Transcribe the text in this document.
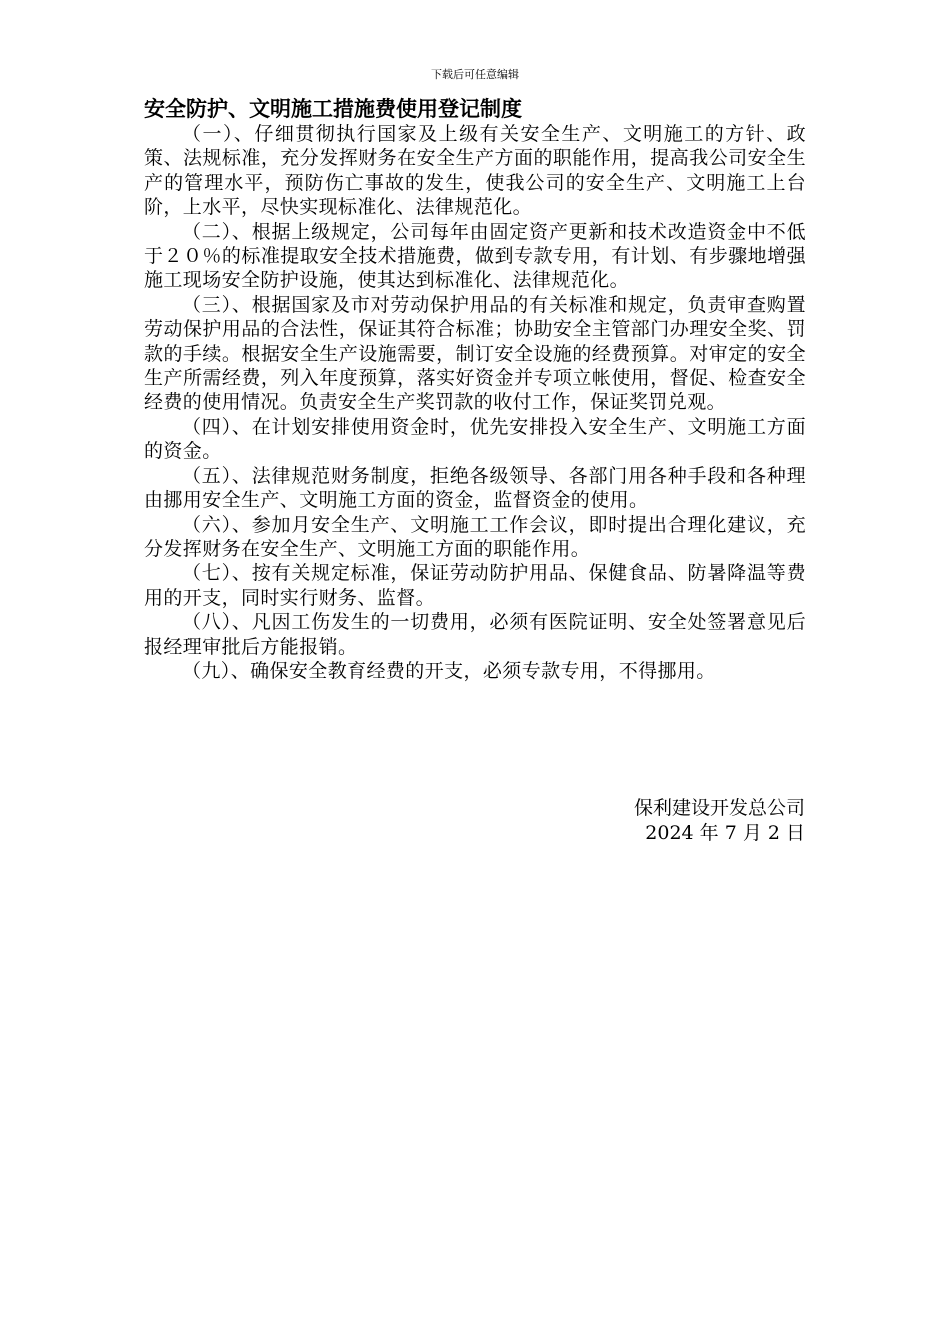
下载后可任意编辑
安全防护、文明施工措施费使用登记制度

（一）、仔细贯彻执行国家及上级有关安全生产、文明施工的方针、政策、法规标准，充分发挥财务在安全生产方面的职能作用，提高我公司安全生产的管理水平，预防伤亡事故的发生，使我公司的安全生产、文明施工上台阶，上水平，尽快实现标准化、法律规范化。

（二）、根据上级规定，公司每年由固定资产更新和技术改造资金中不低于２０％的标准提取安全技术措施费，做到专款专用，有计划、有步骤地增强施工现场安全防护设施，使其达到标准化、法律规范化。

（三）、根据国家及市对劳动保护用品的有关标准和规定，负责审查购置劳动保护用品的合法性，保证其符合标准；协助安全主管部门办理安全奖、罚款的手续。根据安全生产设施需要，制订安全设施的经费预算。对审定的安全生产所需经费，列入年度预算，落实好资金并专项立帐使用，督促、检查安全经费的使用情况。负责安全生产奖罚款的收付工作，保证奖罚兑观。

（四）、在计划安排使用资金时，优先安排投入安全生产、文明施工方面的资金。

（五）、法律规范财务制度，拒绝各级领导、各部门用各种手段和各种理由挪用安全生产、文明施工方面的资金，监督资金的使用。

（六）、参加月安全生产、文明施工工作会议，即时提出合理化建议，充分发挥财务在安全生产、文明施工方面的职能作用。

（七）、按有关规定标准，保证劳动防护用品、保健食品、防暑降温等费用的开支，同时实行财务、监督。

（八）、凡因工伤发生的一切费用，必须有医院证明、安全处签署意见后报经理审批后方能报销。

（九）、确保安全教育经费的开支，必须专款专用，不得挪用。

保利建设开发总公司
2024 年 7 月 2 日
